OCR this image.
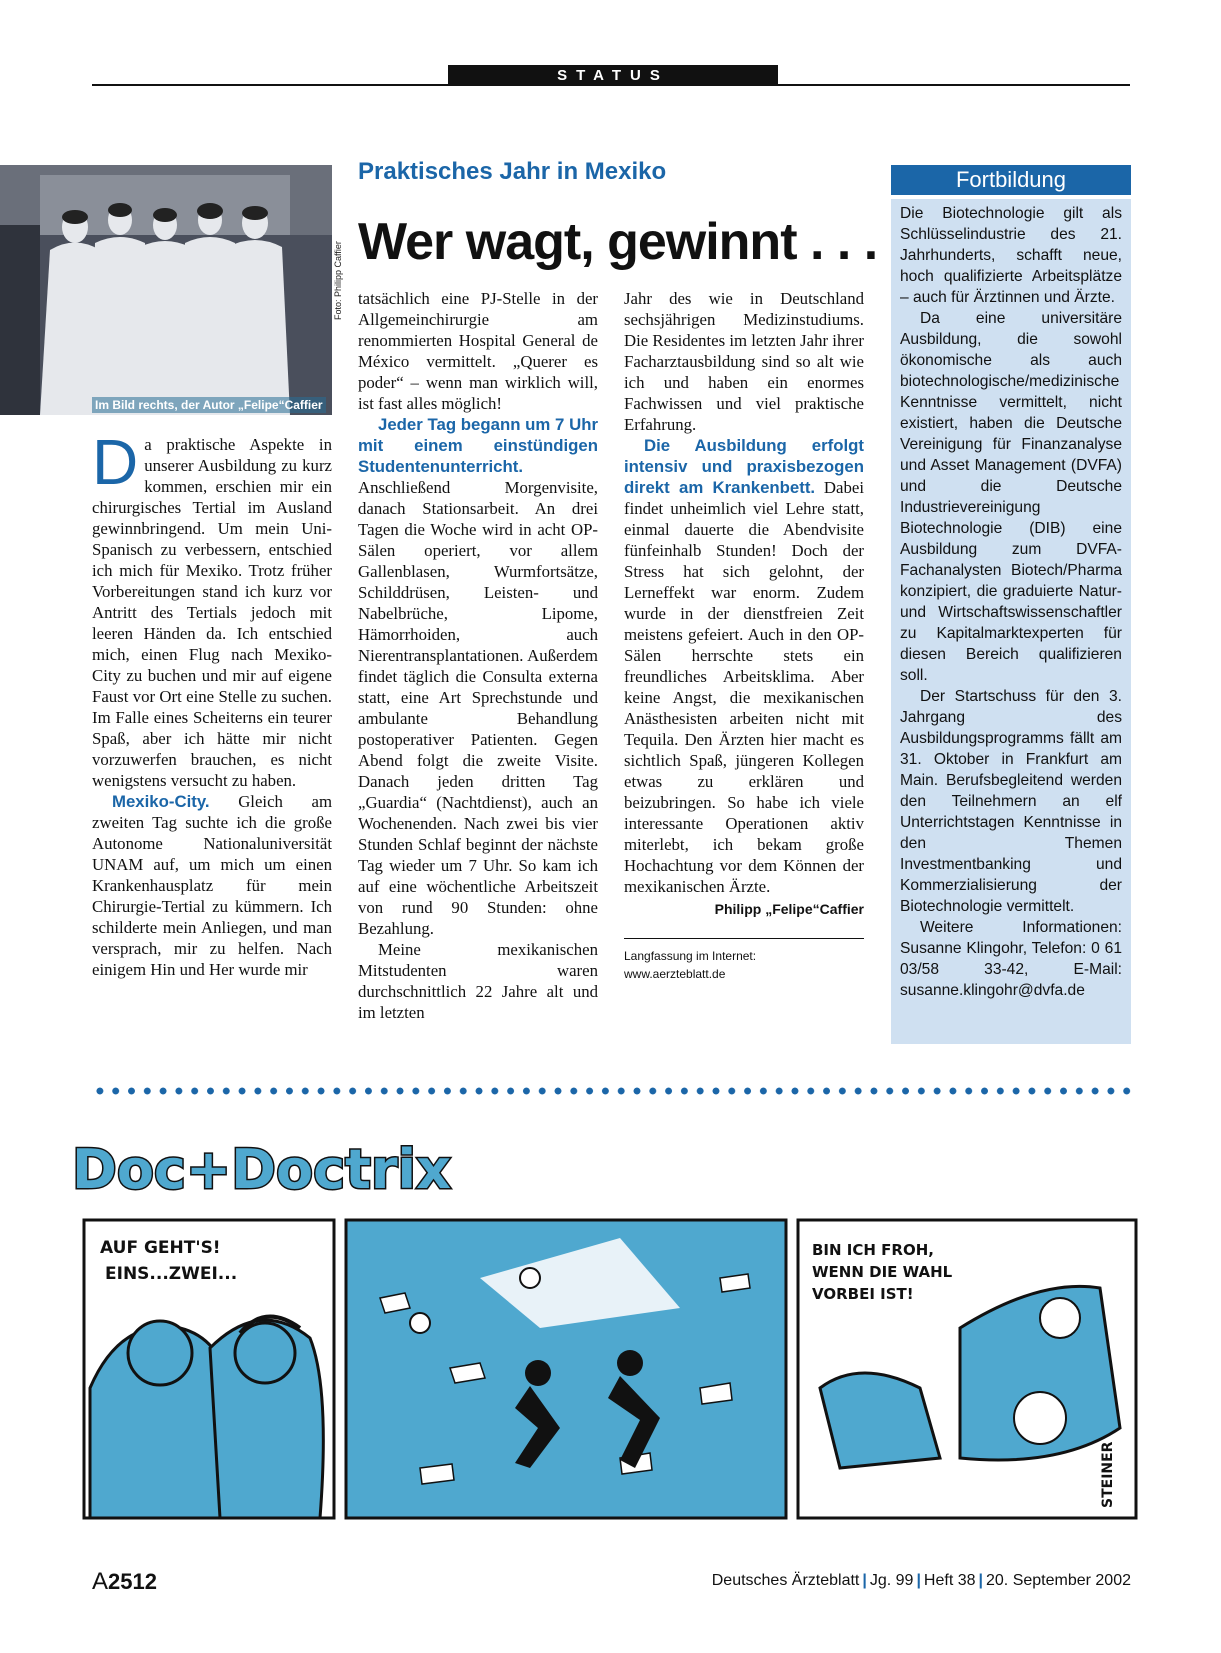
STATUS
Im Bild rechts, der Autor „Felipe“Caffier
Foto: Philipp Caffier
Praktisches Jahr in Mexiko
Wer wagt, gewinnt . . .

Da praktische Aspekte in unserer Ausbildung zu kurz kommen, erschien mir ein chirurgisches Tertial im Ausland gewinnbringend. Um mein Uni-Spanisch zu verbessern, entschied ich mich für Mexiko. Trotz früher Vorbereitungen stand ich kurz vor Antritt des Tertials jedoch mit leeren Händen da. Ich entschied mich, einen Flug nach Mexiko-City zu buchen und mir auf eigene Faust vor Ort eine Stelle zu suchen. Im Falle eines Scheiterns ein teurer Spaß, aber ich hätte mir nicht vorzuwerfen brauchen, es nicht wenigstens versucht zu haben.

Mexiko-City. Gleich am zweiten Tag suchte ich die große Autonome Nationaluniversität UNAM auf, um mich um einen Krankenhausplatz für mein Chirurgie-Tertial zu kümmern. Ich schilderte mein Anliegen, und man versprach, mir zu helfen. Nach einigem Hin und Her wurde mir

tatsächlich eine PJ-Stelle in der Allgemeinchirurgie am renommierten Hospital General de México vermittelt. „Querer es poder“ – wenn man wirklich will, ist fast alles möglich!

Jeder Tag begann um 7 Uhr mit einem einstündigen Studentenunterricht. Anschließend Morgenvisite, danach Stationsarbeit. An drei Tagen die Woche wird in acht OP-Sälen operiert, vor allem Gallenblasen, Wurmfortsätze, Schilddrüsen, Leisten- und Nabelbrüche, Lipome, Hämorrhoiden, auch Nierentransplantationen. Außerdem findet täglich die Consulta externa statt, eine Art Sprechstunde und ambulante Behandlung postoperativer Patienten. Gegen Abend folgt die zweite Visite. Danach jeden dritten Tag „Guardia“ (Nachtdienst), auch an Wochenenden. Nach zwei bis vier Stunden Schlaf beginnt der nächste Tag wieder um 7 Uhr. So kam ich auf eine wöchentliche Arbeitszeit von rund 90 Stunden: ohne Bezahlung.

Meine mexikanischen Mitstudenten waren durchschnittlich 22 Jahre alt und im letzten

Jahr des wie in Deutschland sechsjährigen Medizinstudiums. Die Residentes im letzten Jahr ihrer Facharztausbildung sind so alt wie ich und haben ein enormes Fachwissen und viel praktische Erfahrung.

Die Ausbildung erfolgt intensiv und praxisbezogen direkt am Krankenbett. Dabei findet unheimlich viel Lehre statt, einmal dauerte die Abendvisite fünfeinhalb Stunden! Doch der Stress hat sich gelohnt, der Lerneffekt war enorm. Zudem wurde in der dienstfreien Zeit meistens gefeiert. Auch in den OP-Sälen herrschte stets ein freundliches Arbeitsklima. Aber keine Angst, die mexikanischen Anästhesisten arbeiten nicht mit Tequila. Den Ärzten hier macht es sichtlich Spaß, jüngeren Kollegen etwas zu erklären und beizubringen. So habe ich viele interessante Operationen aktiv miterlebt, ich bekam große Hochachtung vor dem Können der mexikanischen Ärzte.

Philipp „Felipe“Caffier
Langfassung im Internet:
www.aerzteblatt.de
Fortbildung

Die Biotechnologie gilt als Schlüsselindustrie des 21. Jahrhunderts, schafft neue, hoch qualifizierte Arbeitsplätze – auch für Ärztinnen und Ärzte.

Da eine universitäre Ausbildung, die sowohl ökonomische als auch biotechnologische/medizinische Kenntnisse vermittelt, nicht existiert, haben die Deutsche Vereinigung für Finanzanalyse und Asset Management (DVFA) und die Deutsche Industrievereinigung Biotechnologie (DIB) eine Ausbildung zum DVFA-Fachanalysten Biotech/Pharma konzipiert, die graduierte Natur- und Wirtschaftswissenschaftler zu Kapitalmarktexperten für diesen Bereich qualifizieren soll.

Der Startschuss für den 3. Jahrgang des Ausbildungsprogramms fällt am 31. Oktober in Frankfurt am Main. Berufsbegleitend werden den Teilnehmern an elf Unterrichtstagen Kenntnisse in den Themen Investmentbanking und Kommerzialisierung der Biotechnologie vermittelt.

Weitere Informationen: Susanne Klingohr, Telefon: 0 61 03/58 33-42, E-Mail: susanne.klingohr@dvfa.de

Doc+Doctrix
AUF GEHT'S! EINS...ZWEI...
BIN ICH FROH, WENN DIE WAHL VORBEI IST!
STEINER
A2512	Deutsches Ärzteblatt | Jg. 99 | Heft 38 | 20. September 2002
